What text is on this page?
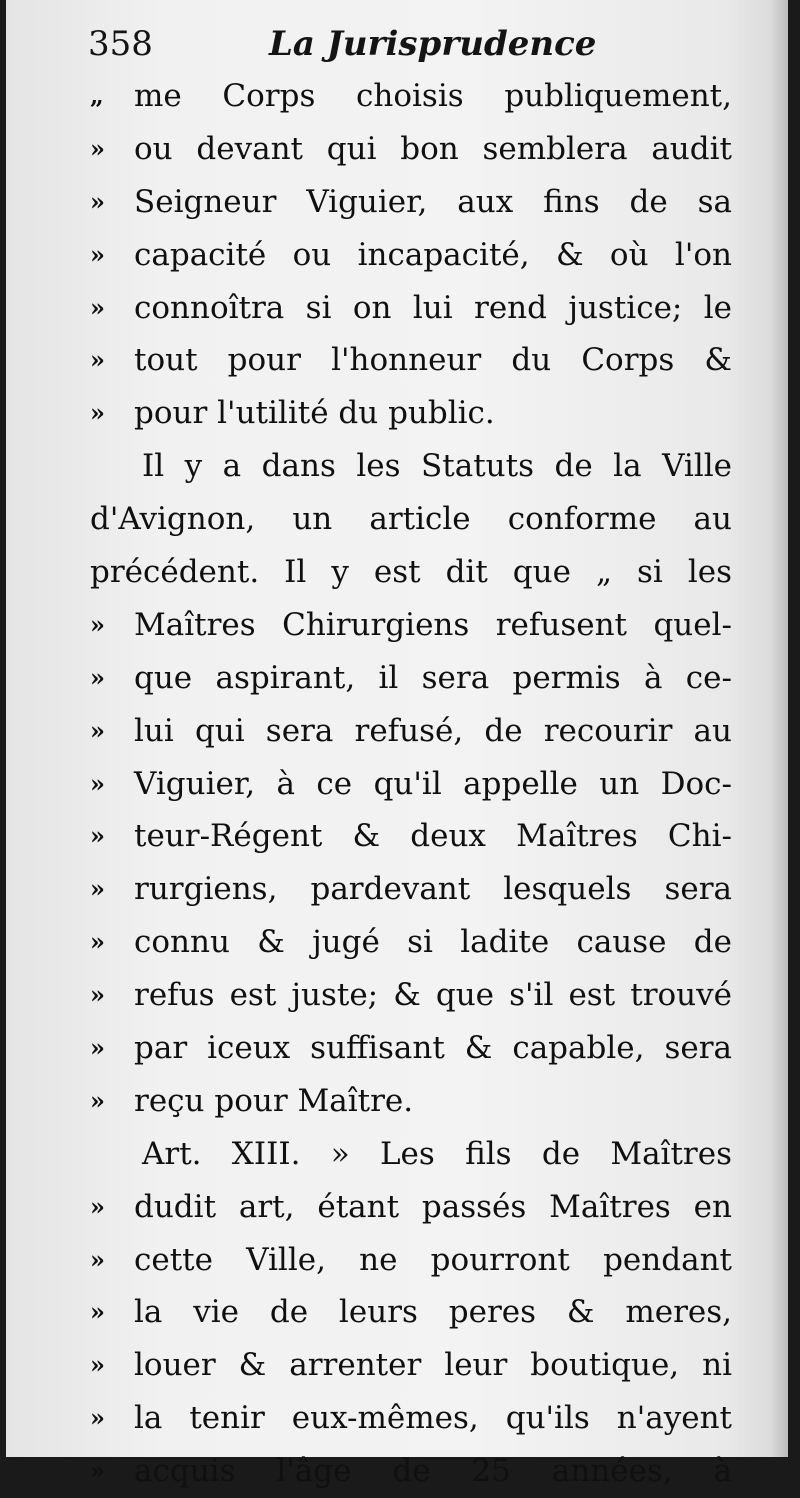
358	La Jurisprudence
„ me Corps choisis publiquement,
» ou devant qui bon semblera audit
» Seigneur Viguier, aux fins de sa
» capacité ou incapacité, & où l'on
» connoîtra si on lui rend justice; le
» tout pour l'honneur du Corps &
» pour l'utilité du public.
Il y a dans les Statuts de la Ville
d'Avignon, un article conforme au
précédent. Il y est dit que „ si les
» Maîtres Chirurgiens refusent quel-
» que aspirant, il sera permis à ce-
» lui qui sera refusé, de recourir au
» Viguier, à ce qu'il appelle un Doc-
» teur-Régent & deux Maîtres Chi-
» rurgiens, pardevant lesquels sera
» connu & jugé si ladite cause de
» refus est juste; & que s'il est trouvé
» par iceux suffisant & capable, sera
» reçu pour Maître.
Art. XIII. » Les fils de Maîtres
» dudit art, étant passés Maîtres en
» cette Ville, ne pourront pendant
» la vie de leurs peres & meres,
» louer & arrenter leur boutique, ni
» la tenir eux-mêmes, qu'ils n'ayent
» acquis l'âge de 25 années, à
